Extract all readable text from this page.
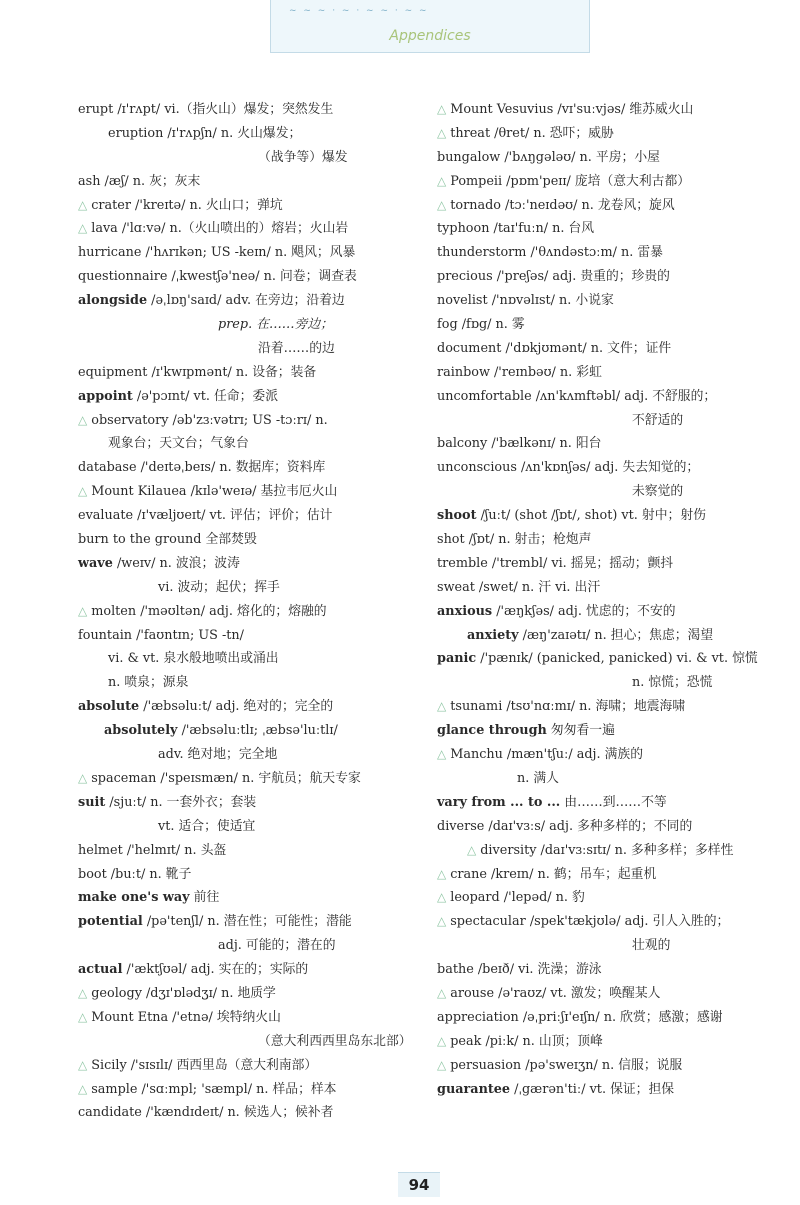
~ ~ ~ · ~ · ~ ~ · ~ ~
Appendices
erupt /ɪ'rʌpt/ vi.（指火山）爆发；突然发生
eruption /ɪ'rʌpʃn/ n. 火山爆发；
（战争等）爆发
ash /æʃ/ n. 灰；灰末
△ crater /'kreɪtə/ n. 火山口；弹坑
△ lava /'lɑːvə/ n.（火山喷出的）熔岩；火山岩
hurricane /'hʌrɪkən; US -keɪn/ n. 飓风；风暴
questionnaire /ˌkwestʃə'neə/ n. 问卷；调查表
alongside /əˌlɒŋ'saɪd/ adv. 在旁边；沿着边
prep. 在……旁边；
沿着……的边
equipment /ɪ'kwɪpmənt/ n. 设备；装备
appoint /ə'pɔɪnt/ vt. 任命；委派
△ observatory /əb'zɜːvətrɪ; US -tɔːrɪ/ n.
观象台；天文台；气象台
database /'deɪtəˌbeɪs/ n. 数据库；资料库
△ Mount Kilauea /kɪlə'weɪə/ 基拉韦厄火山
evaluate /ɪ'væljʊeɪt/ vt. 评估；评价；估计
burn to the ground 全部焚毁
wave /weɪv/ n. 波浪；波涛
vi. 波动；起伏；挥手
△ molten /'məʊltən/ adj. 熔化的；熔融的
fountain /'faʊntɪn; US -tn/
vi. & vt. 泉水般地喷出或涌出
n. 喷泉；源泉
absolute /'æbsəluːt/ adj. 绝对的；完全的
absolutely /'æbsəluːtlɪ; ˌæbsə'luːtlɪ/
adv. 绝对地；完全地
△ spaceman /'speɪsmæn/ n. 宇航员；航天专家
suit /sjuːt/ n. 一套外衣；套装
vt. 适合；使适宜
helmet /'helmɪt/ n. 头盔
boot /buːt/ n. 靴子
make one's way 前往
potential /pə'tenʃl/ n. 潜在性；可能性；潜能
adj. 可能的；潜在的
actual /'æktʃʊəl/ adj. 实在的；实际的
△ geology /dʒɪ'ɒlədʒɪ/ n. 地质学
△ Mount Etna /'etnə/ 埃特纳火山
（意大利西西里岛东北部）
△ Sicily /'sɪsɪlɪ/ 西西里岛（意大利南部）
△ sample /'sɑːmpl; 'sæmpl/ n. 样品；样本
candidate /'kændɪdeɪt/ n. 候选人；候补者
△ Mount Vesuvius /vɪ'suːvjəs/ 维苏威火山
△ threat /θret/ n. 恐吓；威胁
bungalow /'bʌŋgələʊ/ n. 平房；小屋
△ Pompeii /pɒm'peɪɪ/ 庞培（意大利古都）
△ tornado /tɔː'neɪdəʊ/ n. 龙卷风；旋风
typhoon /taɪ'fuːn/ n. 台风
thunderstorm /'θʌndəstɔːm/ n. 雷暴
precious /'preʃəs/ adj. 贵重的；珍贵的
novelist /'nɒvəlɪst/ n. 小说家
fog /fɒg/ n. 雾
document /'dɒkjʊmənt/ n. 文件；证件
rainbow /'reɪnbəʊ/ n. 彩虹
uncomfortable /ʌn'kʌmftəbl/ adj. 不舒服的；
不舒适的
balcony /'bælkənɪ/ n. 阳台
unconscious /ʌn'kɒnʃəs/ adj. 失去知觉的；
未察觉的
shoot /ʃuːt/ (shot /ʃɒt/, shot) vt. 射中；射伤
shot /ʃɒt/ n. 射击；枪炮声
tremble /'trembl/ vi. 摇晃；摇动；颤抖
sweat /swet/ n. 汗 vi. 出汗
anxious /'æŋkʃəs/ adj. 忧虑的；不安的
anxiety /æŋ'zaɪətɪ/ n. 担心；焦虑；渴望
panic /'pænɪk/ (panicked, panicked) vi. & vt. 惊慌
n. 惊慌；恐慌
△ tsunami /tsʊ'nɑːmɪ/ n. 海啸；地震海啸
glance through 匆匆看一遍
△ Manchu /mæn'tʃuː/ adj. 满族的
n. 满人
vary from ... to ... 由……到……不等
diverse /daɪ'vɜːs/ adj. 多种多样的；不同的
△ diversity /daɪ'vɜːsɪtɪ/ n. 多种多样；多样性
△ crane /kreɪn/ n. 鹤；吊车；起重机
△ leopard /'lepəd/ n. 豹
△ spectacular /spek'tækjʊlə/ adj. 引人入胜的；
壮观的
bathe /beɪð/ vi. 洗澡；游泳
△ arouse /ə'raʊz/ vt. 激发；唤醒某人
appreciation /əˌpriːʃɪ'eɪʃn/ n. 欣赏；感激；感谢
△ peak /piːk/ n. 山顶；顶峰
△ persuasion /pə'sweɪʒn/ n. 信服；说服
guarantee /ˌgærən'tiː/ vt. 保证；担保
94
